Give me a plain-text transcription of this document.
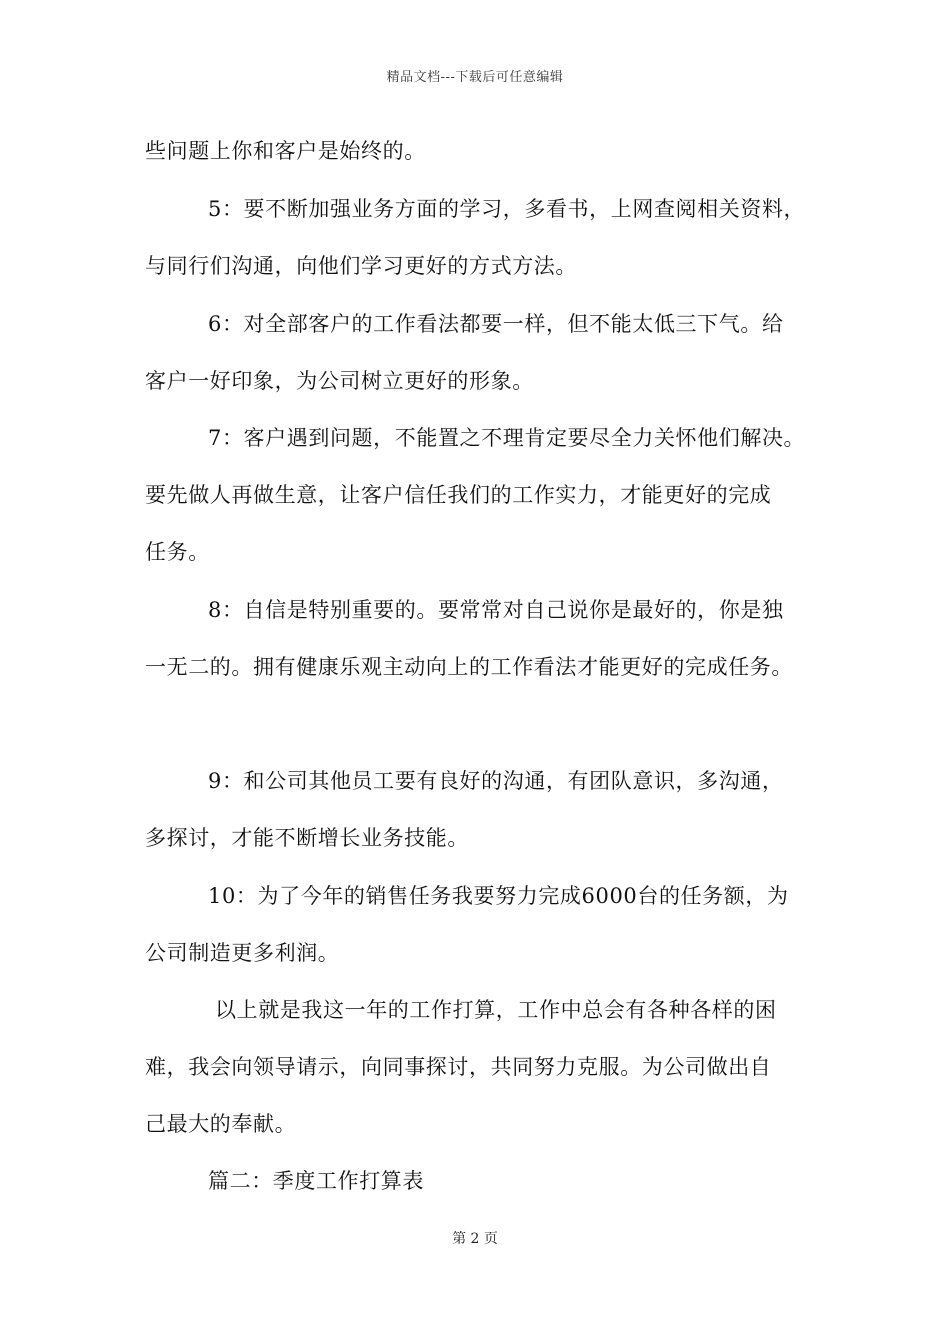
精品文档---下载后可任意编辑
些问题上你和客户是始终的。
5：要不断加强业务方面的学习，多看书，上网查阅相关资料，
与同行们沟通，向他们学习更好的方式方法。
6：对全部客户的工作看法都要一样，但不能太低三下气。给
客户一好印象，为公司树立更好的形象。
7：客户遇到问题，不能置之不理肯定要尽全力关怀他们解决。
要先做人再做生意，让客户信任我们的工作实力，才能更好的完成
任务。
8：自信是特别重要的。要常常对自己说你是最好的，你是独
一无二的。拥有健康乐观主动向上的工作看法才能更好的完成任务。
9：和公司其他员工要有良好的沟通，有团队意识，多沟通，
多探讨，才能不断增长业务技能。
10：为了今年的销售任务我要努力完成6000台的任务额，为
公司制造更多利润。
以上就是我这一年的工作打算，工作中总会有各种各样的困
难，我会向领导请示，向同事探讨，共同努力克服。为公司做出自
己最大的奉献。
篇二：季度工作打算表
第 2 页
